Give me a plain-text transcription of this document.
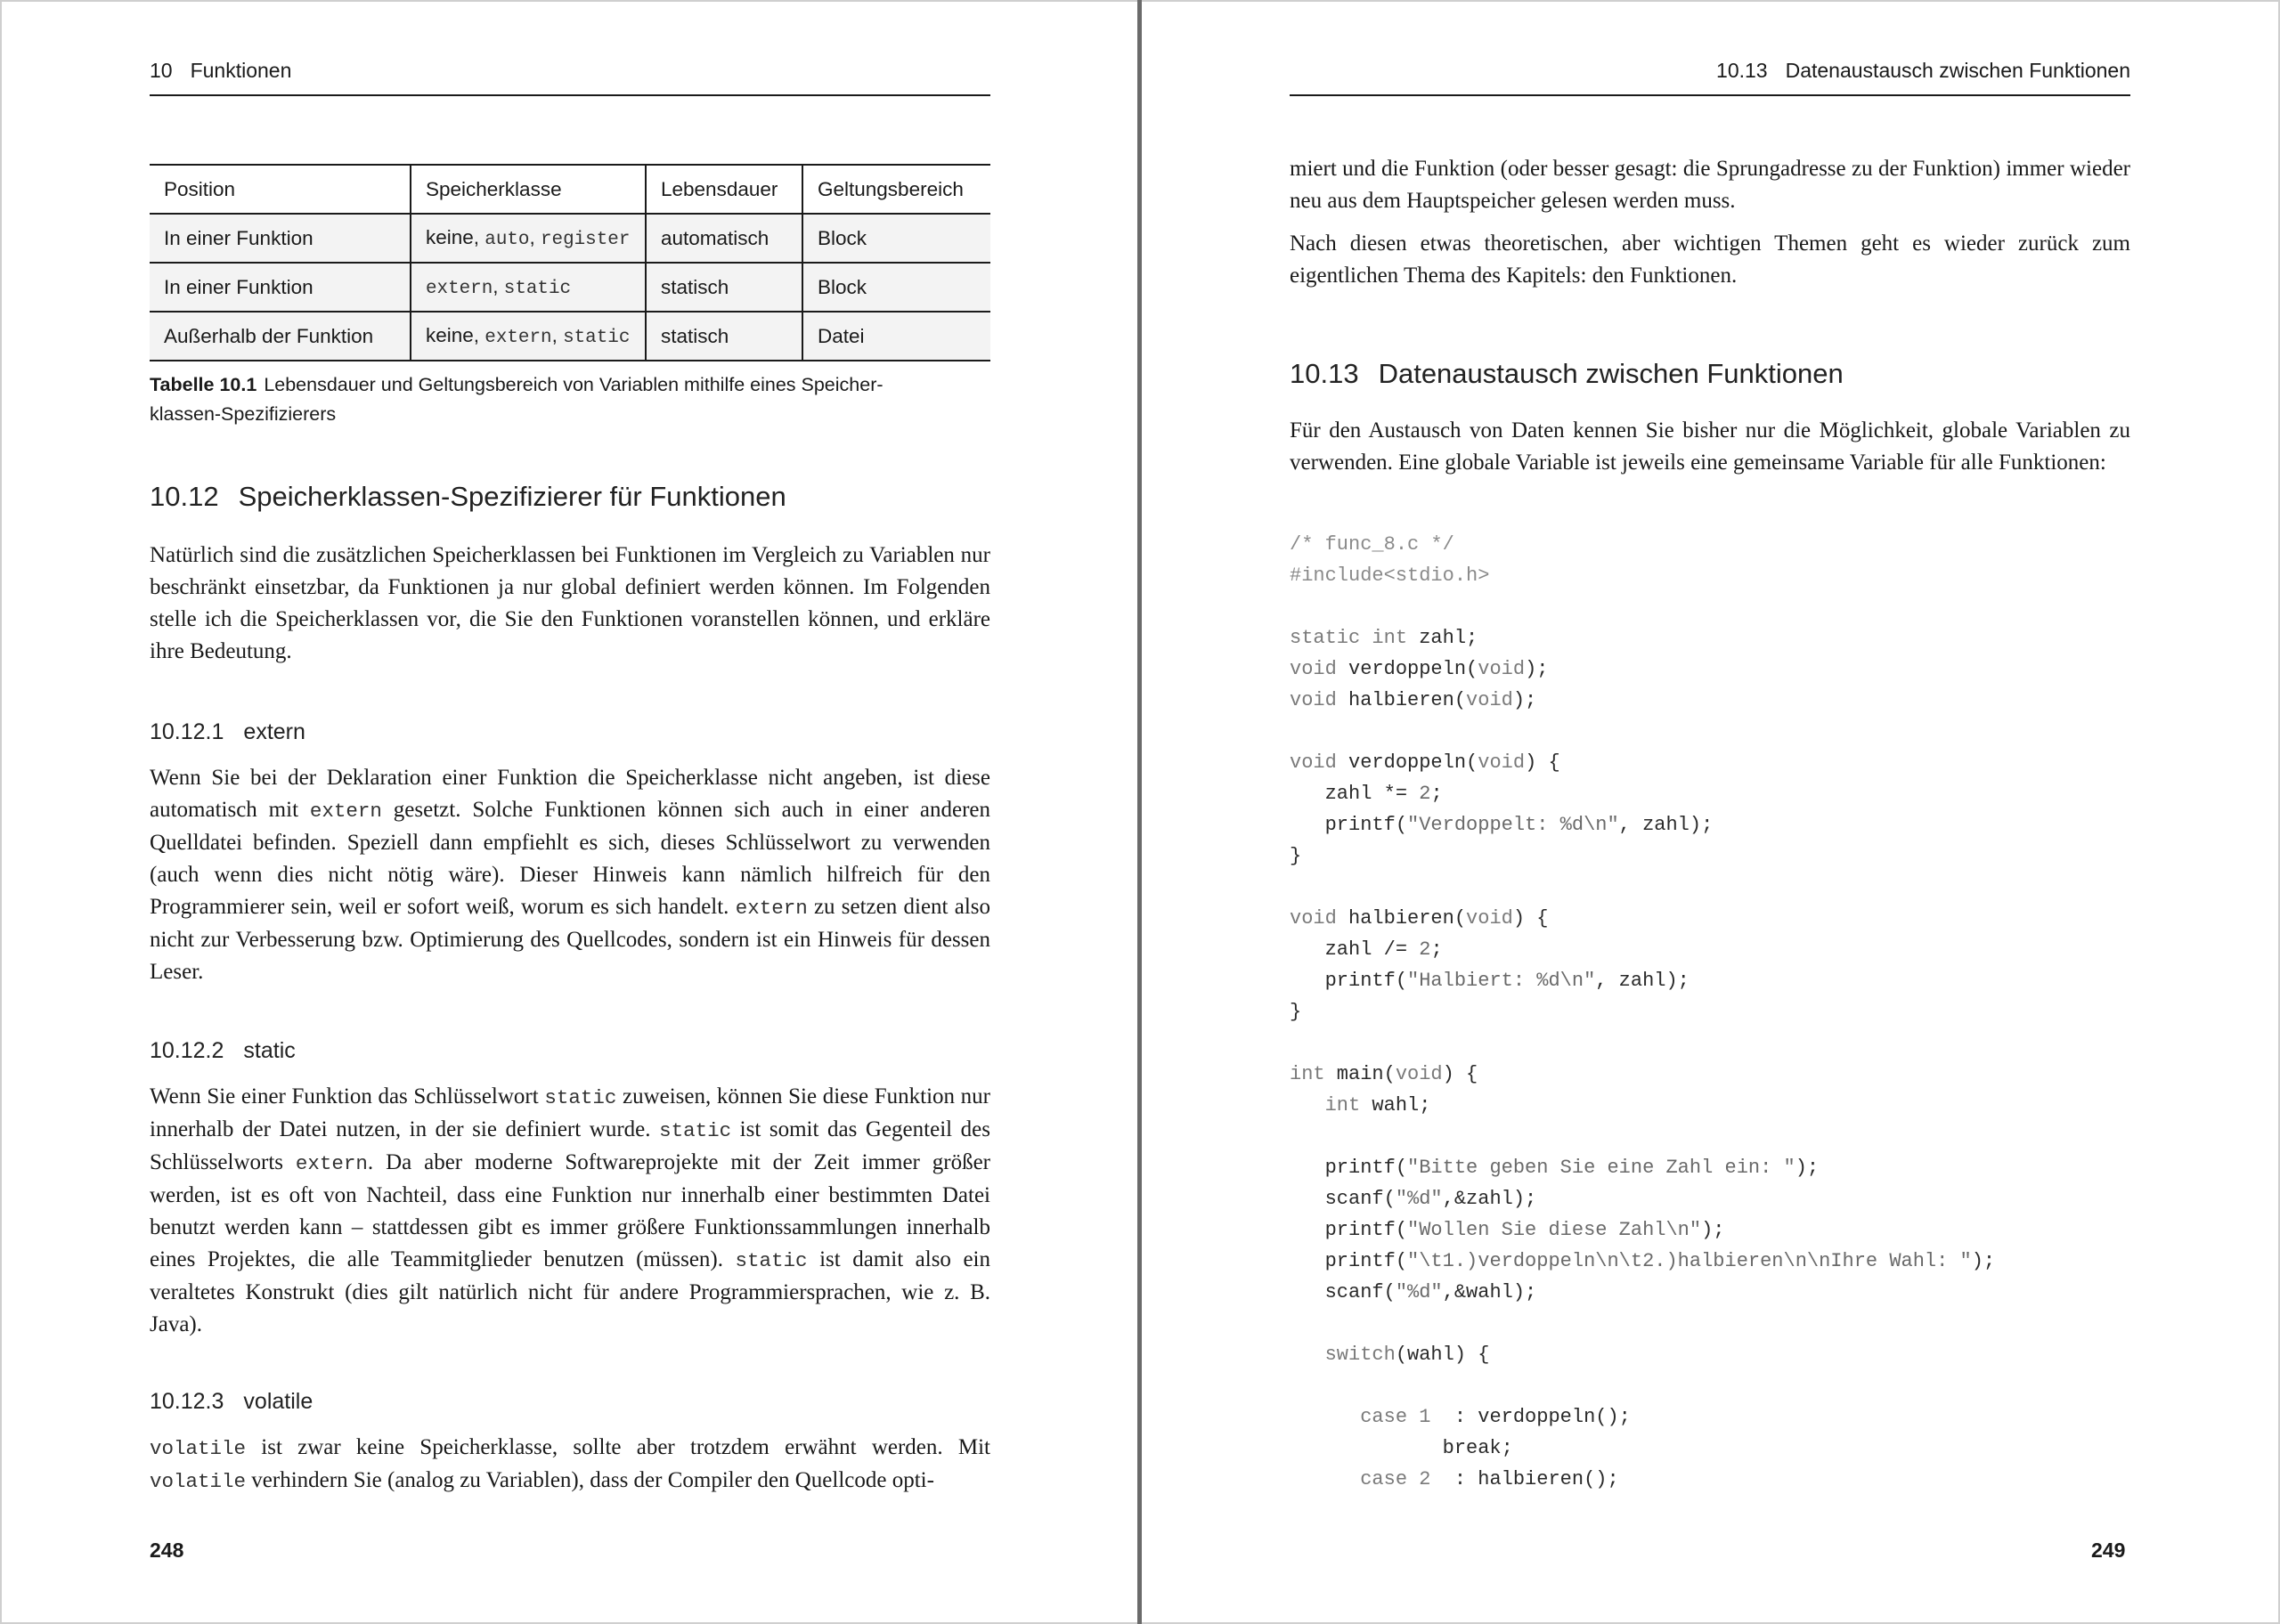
10 Funktionen
Position	Speicherklasse	Lebensdauer	Geltungsbereich
In einer Funktion	keine, auto, register	automatisch	Block
In einer Funktion	extern, static	statisch	Block
Außerhalb der Funktion	keine, extern, static	statisch	Datei
Tabelle 10.1 Lebensdauer und Geltungsbereich von Variablen mithilfe eines Speicher-
klassen-Spezifizierers
10.12 Speicherklassen-Spezifizierer für Funktionen
Natürlich sind die zusätzlichen Speicherklassen bei Funktionen im Vergleich zu Variablen nur beschränkt einsetzbar, da Funktionen ja nur global definiert werden können. Im Folgenden stelle ich die Speicherklassen vor, die Sie den Funktionen voranstellen können, und erkläre ihre Bedeutung.
10.12.1 extern
Wenn Sie bei der Deklaration einer Funktion die Speicherklasse nicht angeben, ist diese automatisch mit extern gesetzt. Solche Funktionen können sich auch in einer anderen Quelldatei befinden. Speziell dann empfiehlt es sich, dieses Schlüsselwort zu verwenden (auch wenn dies nicht nötig wäre). Dieser Hinweis kann nämlich hilfreich für den Programmierer sein, weil er sofort weiß, worum es sich handelt. extern zu setzen dient also nicht zur Verbesserung bzw. Optimierung des Quellcodes, sondern ist ein Hinweis für dessen Leser.
10.12.2 static
Wenn Sie einer Funktion das Schlüsselwort static zuweisen, können Sie diese Funktion nur innerhalb der Datei nutzen, in der sie definiert wurde. static ist somit das Gegenteil des Schlüsselworts extern. Da aber moderne Softwareprojekte mit der Zeit immer größer werden, ist es oft von Nachteil, dass eine Funktion nur innerhalb einer bestimmten Datei benutzt werden kann – stattdessen gibt es immer größere Funktionssammlungen innerhalb eines Projektes, die alle Teammitglieder benutzen (müssen). static ist damit also ein veraltetes Konstrukt (dies gilt natürlich nicht für andere Programmiersprachen, wie z. B. Java).
10.12.3 volatile
volatile ist zwar keine Speicherklasse, sollte aber trotzdem erwähnt werden. Mit volatile verhindern Sie (analog zu Variablen), dass der Compiler den Quellcode opti-
248
10.13 Datenaustausch zwischen Funktionen
miert und die Funktion (oder besser gesagt: die Sprungadresse zu der Funktion) immer wieder neu aus dem Hauptspeicher gelesen werden muss.
Nach diesen etwas theoretischen, aber wichtigen Themen geht es wieder zurück zum eigentlichen Thema des Kapitels: den Funktionen.
10.13 Datenaustausch zwischen Funktionen
Für den Austausch von Daten kennen Sie bisher nur die Möglichkeit, globale Variablen zu verwenden. Eine globale Variable ist jeweils eine gemeinsame Variable für alle Funktionen:
/* func_8.c */
#include<stdio.h>

static int zahl;
void verdoppeln(void);
void halbieren(void);

void verdoppeln(void) {
zahl *= 2;
printf("Verdoppelt: %d\n", zahl);
}

void halbieren(void) {
zahl /= 2;
printf("Halbiert: %d\n", zahl);
}

int main(void) {
int wahl;

printf("Bitte geben Sie eine Zahl ein: ");
scanf("%d",&zahl);
printf("Wollen Sie diese Zahl\n");
printf("\t1.)verdoppeln\n\t2.)halbieren\n\nIhre Wahl: ");
scanf("%d",&wahl);

switch(wahl) {

case 1  : verdoppeln();
break;
case 2  : halbieren();
249
